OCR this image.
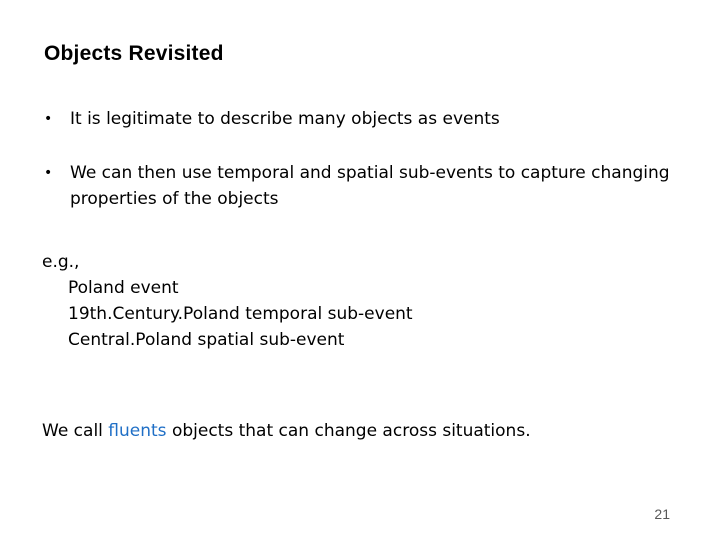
Objects Revisited
•	It is legitimate to describe many objects as events
•	We can then use temporal and spatial sub-events to capture changing properties of the objects
e.g.,
Poland event
19th.Century.Poland temporal sub-event
Central.Poland spatial sub-event
We call fluents objects that can change across situations.
21
